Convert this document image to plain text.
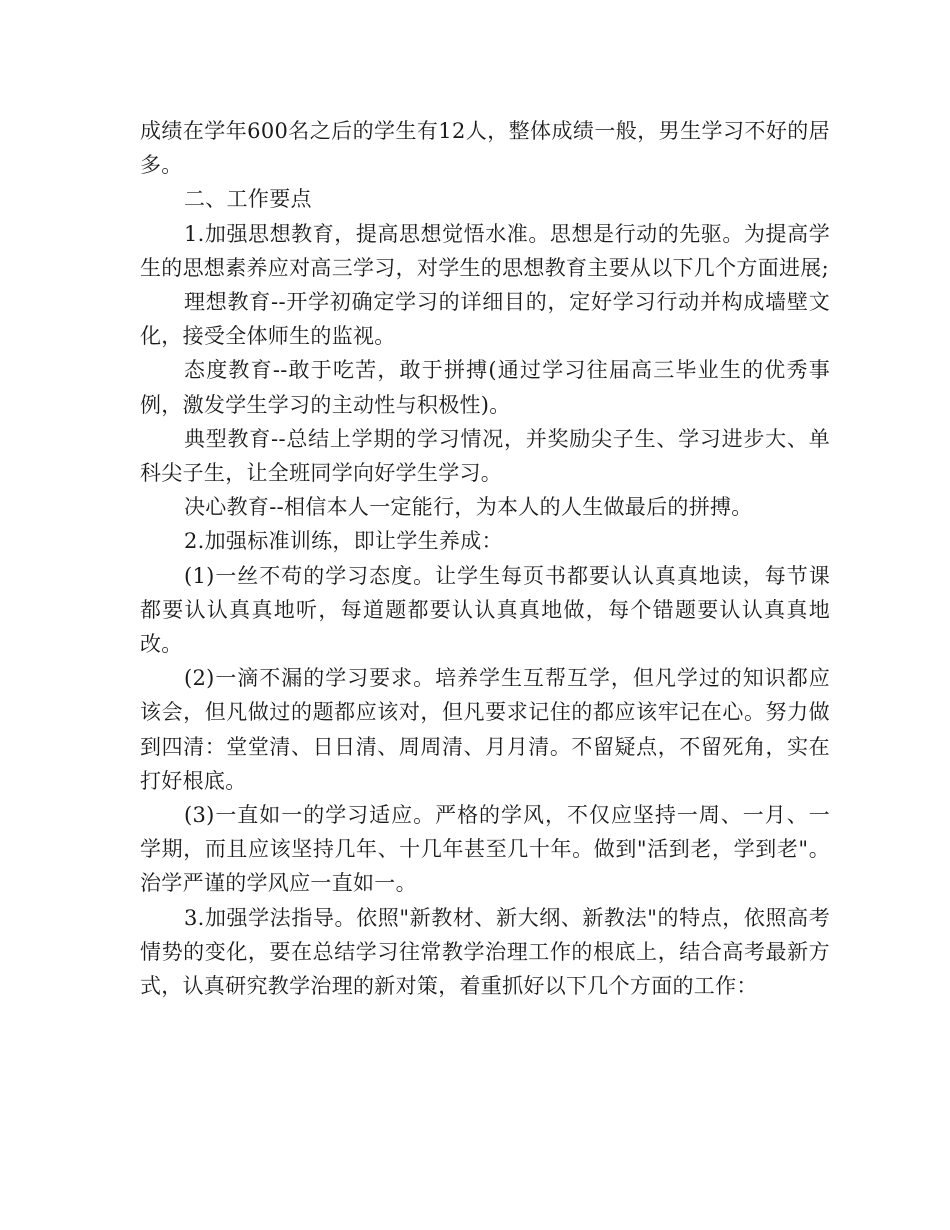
成绩在学年600名之后的学生有12人，整体成绩一般，男生学习不好的居多。

二、工作要点

1.加强思想教育，提高思想觉悟水准。思想是行动的先驱。为提高学生的思想素养应对高三学习，对学生的思想教育主要从以下几个方面进展;

理想教育--开学初确定学习的详细目的，定好学习行动并构成墙壁文化，接受全体师生的监视。

态度教育--敢于吃苦，敢于拼搏(通过学习往届高三毕业生的优秀事例，激发学生学习的主动性与积极性)。

典型教育--总结上学期的学习情况，并奖励尖子生、学习进步大、单科尖子生，让全班同学向好学生学习。

决心教育--相信本人一定能行，为本人的人生做最后的拼搏。

2.加强标准训练，即让学生养成：

(1)一丝不苟的学习态度。让学生每页书都要认认真真地读，每节课都要认认真真地听，每道题都要认认真真地做，每个错题要认认真真地改。

(2)一滴不漏的学习要求。培养学生互帮互学，但凡学过的知识都应该会，但凡做过的题都应该对，但凡要求记住的都应该牢记在心。努力做到四清：堂堂清、日日清、周周清、月月清。不留疑点，不留死角，实在打好根底。

(3)一直如一的学习适应。严格的学风，不仅应坚持一周、一月、一学期，而且应该坚持几年、十几年甚至几十年。做到"活到老，学到老"。治学严谨的学风应一直如一。

3.加强学法指导。依照"新教材、新大纲、新教法"的特点，依照高考情势的变化，要在总结学习往常教学治理工作的根底上，结合高考最新方式，认真研究教学治理的新对策，着重抓好以下几个方面的工作：
